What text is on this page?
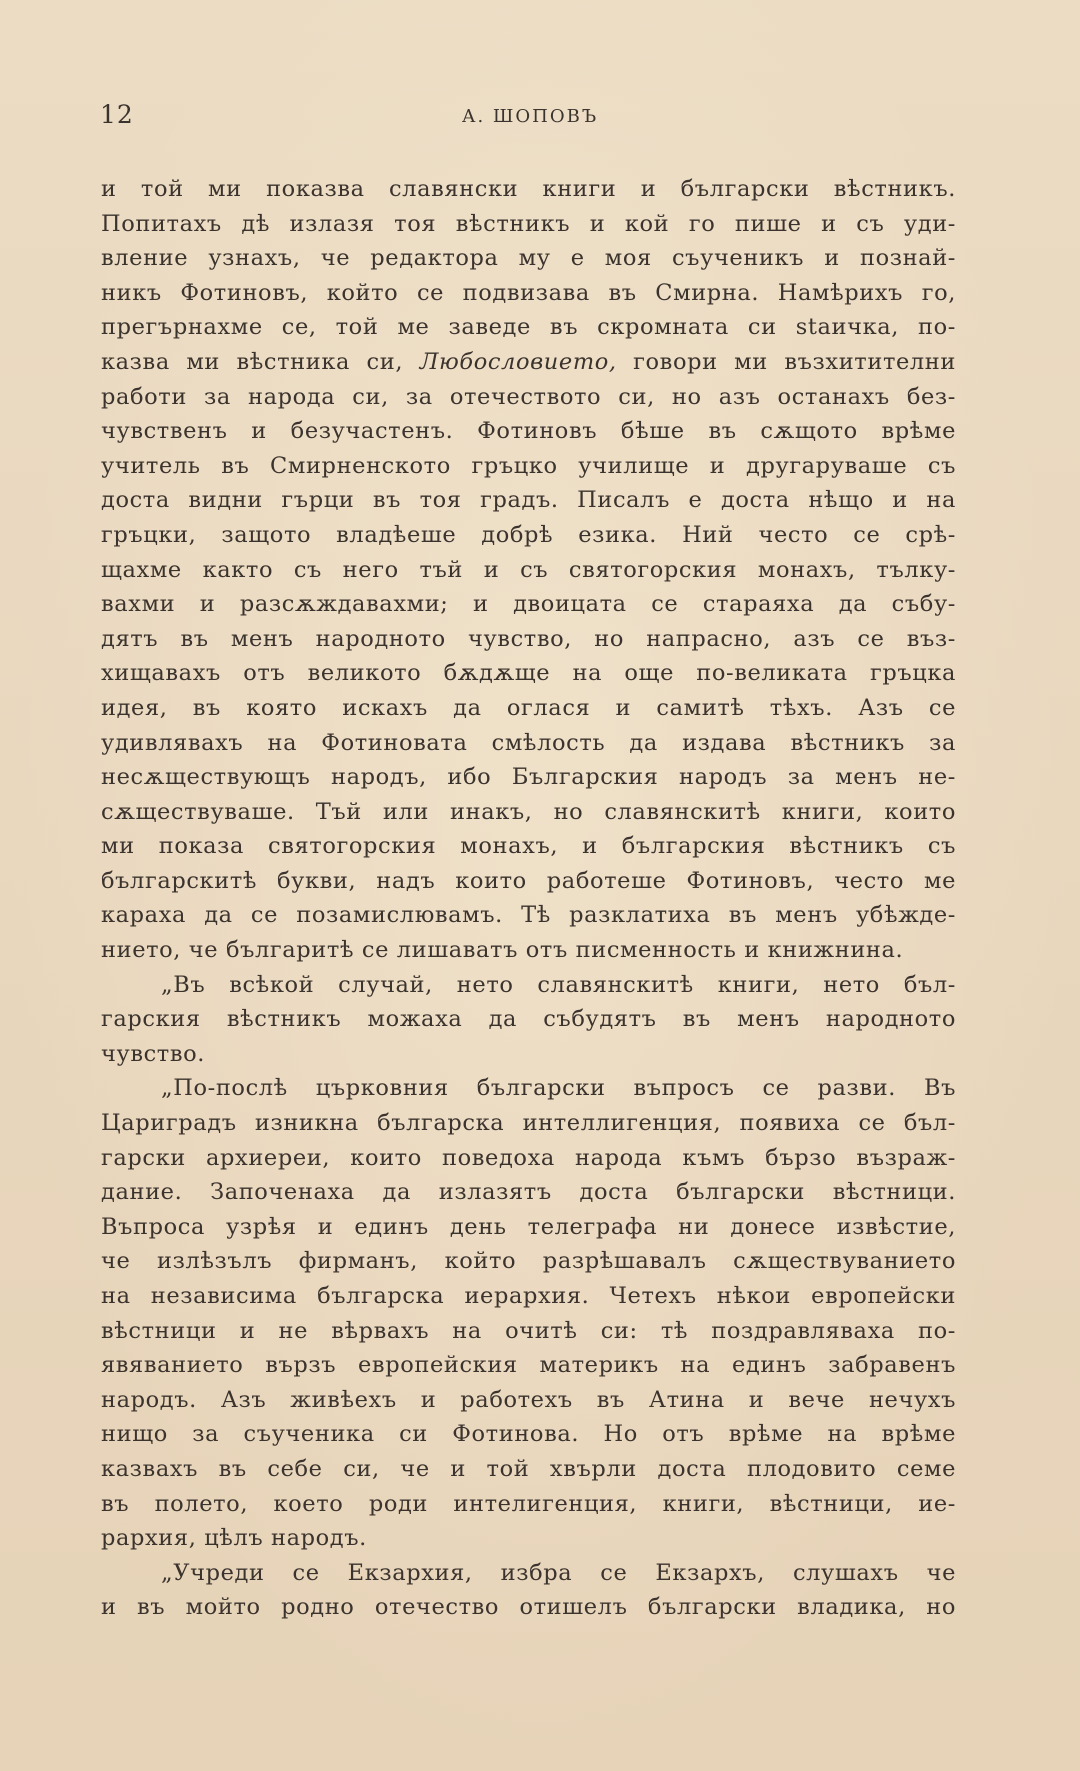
12	А. ШОПОВЪ
и той ми показва славянски книги и български вѣстникъ.
Попитахъ дѣ излазя тоя вѣстникъ и кой го пише и съ уди-
вление узнахъ, че редактора му е моя съученикъ и познай-
никъ Фотиновъ, който се подвизава въ Смирна. Намѣрихъ го,
прегърнахме се, той ме заведе въ скромната си staичка, по-
казва ми вѣстника си, Любословието, говори ми възхитителни
работи за народа си, за отечеството си, но азъ останахъ без-
чувственъ и безучастенъ. Фотиновъ бѣше въ сѫщото врѣме
учитель въ Смирненското гръцко училище и другаруваше съ
доста видни гърци въ тоя градъ. Писалъ е доста нѣщо и на
гръцки, защото владѣеше добрѣ езика. Ний често се срѣ-
щахме както съ него тъй и съ святогорския монахъ, тълку-
вахми и разсѫждавахми; и двоицата се стараяха да събу-
дятъ въ менъ народното чувство, но напрасно, азъ се въз-
хищавахъ отъ великото бѫдѫще на още по-великата гръцка
идея, въ която искахъ да оглася и самитѣ тѣхъ. Азъ се
удивлявахъ на Фотиновата смѣлость да издава вѣстникъ за
несѫществующъ народъ, ибо Българския народъ за менъ не-
сѫществуваше. Тъй или инакъ, но славянскитѣ книги, които
ми показа святогорския монахъ, и българския вѣстникъ съ
българскитѣ букви, надъ които работеше Фотиновъ, често ме
караха да се позамислювамъ. Тѣ разклатиха въ менъ убѣжде-
нието, че българитѣ се лишаватъ отъ писменность и книжнина.
„Въ всѣкой случай, нето славянскитѣ книги, нето бъл-
гарския вѣстникъ можаха да събудятъ въ менъ народното
чувство.
„По-послѣ църковния български въпросъ се разви. Въ
Цариградъ изникна българска интеллигенция, появиха се бъл-
гарски архиереи, които поведоха народа къмъ бързо възраж-
дание. Започенаха да излазятъ доста български вѣстници.
Въпроса узрѣя и единъ день телеграфа ни донесе извѣстие,
че излѣзълъ фирманъ, който разрѣшавалъ сѫществуванието
на независима българска иерархия. Четехъ нѣкои европейски
вѣстници и не вѣрвахъ на очитѣ си: тѣ поздравляваха по-
явяванието вързъ европейския материкъ на единъ забравенъ
народъ. Азъ живѣехъ и работехъ въ Атина и вече нечухъ
нищо за съученика си Фотинова. Но отъ врѣме на врѣме
казвахъ въ себе си, че и той хвърли доста плодовито семе
въ полето, което роди интелигенция, книги, вѣстници, ие-
рархия, цѣлъ народъ.
„Учреди се Екзархия, избра се Екзархъ, слушахъ че
и въ мойто родно отечество отишелъ български владика, но
